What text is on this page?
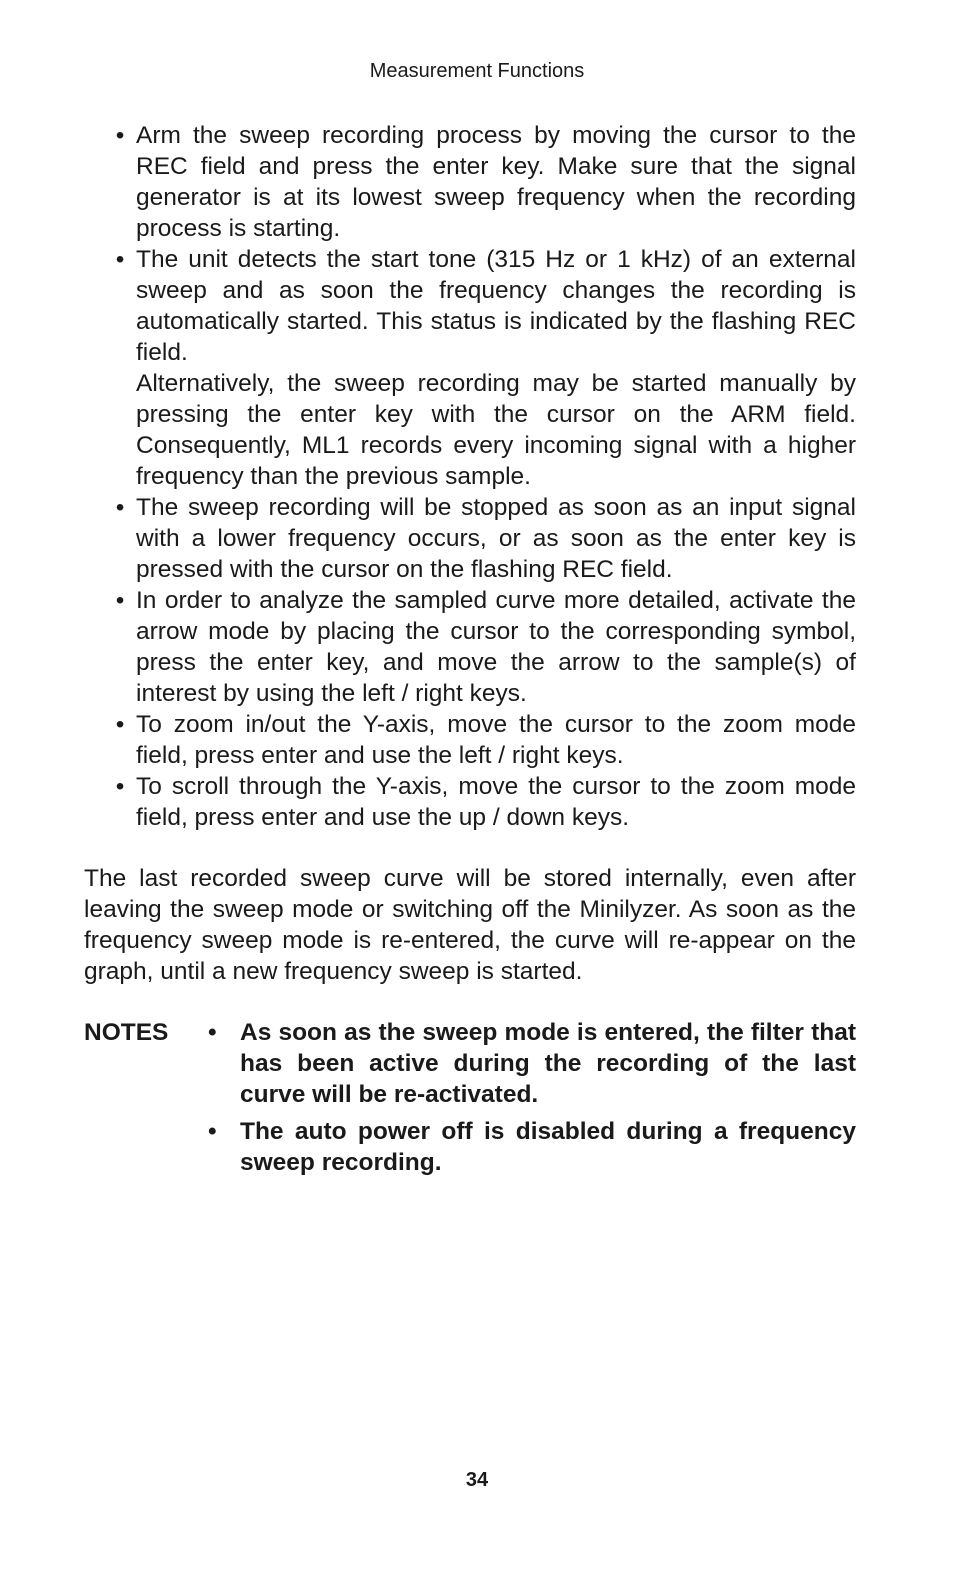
Measurement Functions
• Arm the sweep recording process by moving the cursor to the REC field and press the enter key. Make sure that the signal generator is at its lowest sweep frequency when the recording process is starting.

• The unit detects the start tone (315 Hz or 1 kHz) of an external sweep and as soon the frequency changes the recording is automatically started. This status is indicated by the flashing REC field.

Alternatively, the sweep recording may be started manually by pressing the enter key with the cursor on the ARM field. Consequently, ML1 records every incoming signal with a higher frequency than the previous sample.

• The sweep recording will be stopped as soon as an input signal with a lower frequency occurs, or as soon as the enter key is pressed with the cursor on the flashing REC field.

• In order to analyze the sampled curve more detailed, activate the arrow mode by placing the cursor to the corresponding symbol, press the enter key, and move the arrow to the sample(s) of interest by using the left / right keys.

• To zoom in/out the Y-axis, move the cursor to the zoom mode field, press enter and use the left / right keys.

• To scroll through the Y-axis, move the cursor to the zoom mode field, press enter and use the up / down keys.

The last recorded sweep curve will be stored internally, even after leaving the sweep mode or switching off the Minilyzer. As soon as the frequency sweep mode is re-entered, the curve will re-appear on the graph, until a new frequency sweep is started.

NOTES • As soon as the sweep mode is entered, the filter that has been active during the recording of the last curve will be re-activated.
• The auto power off is disabled during a frequency sweep recording.
34
